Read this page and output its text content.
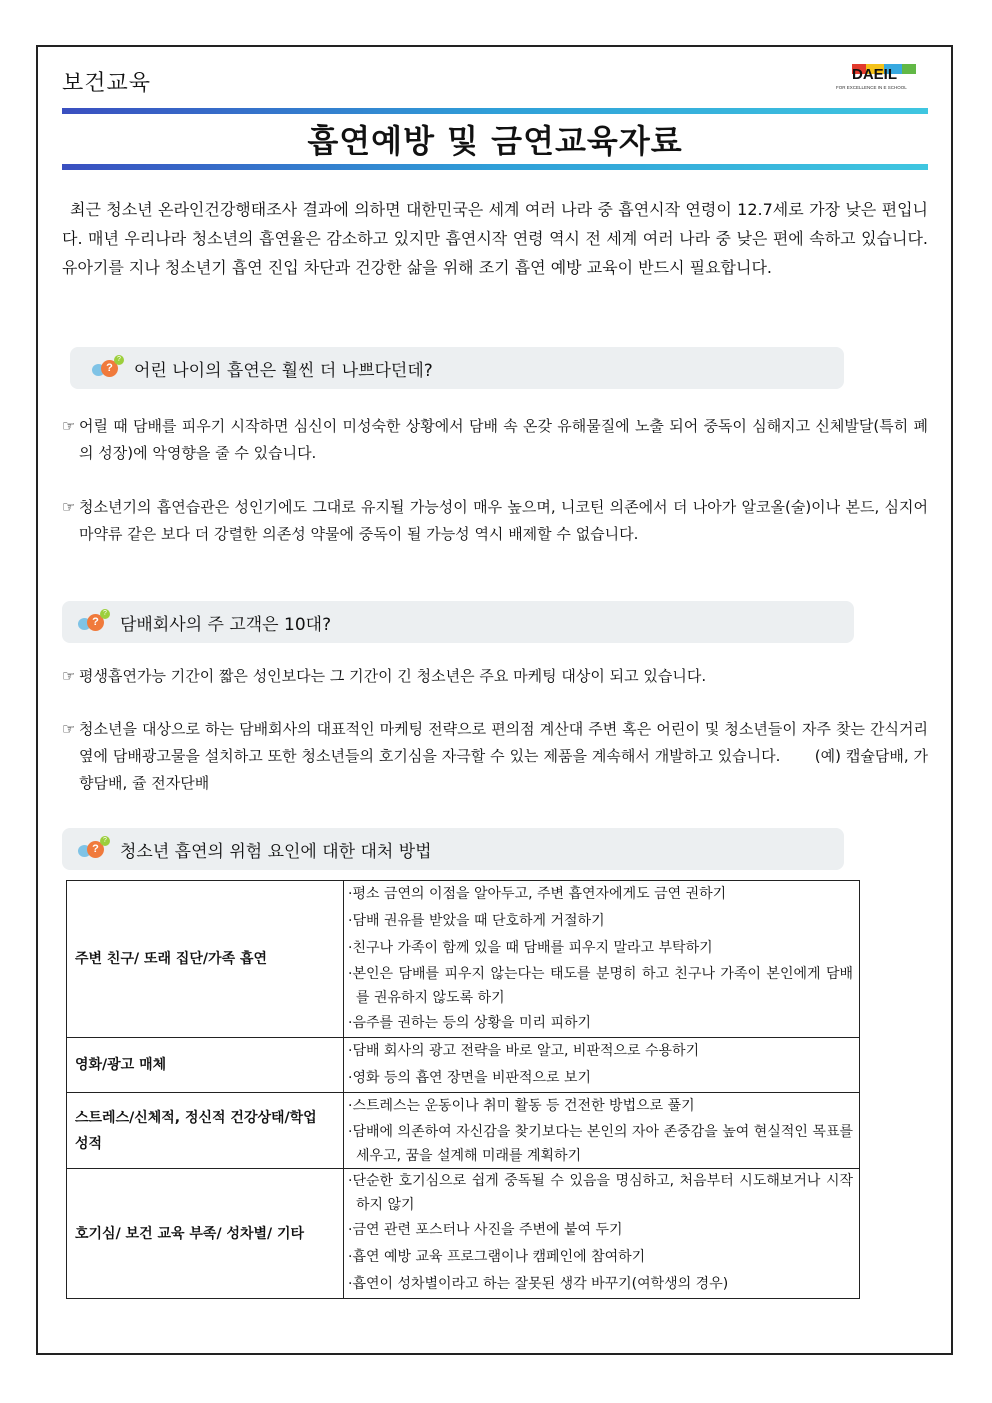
보건교육	DAEIL
FOR EXCELLENCE IN E SCHOOL
흡연예방 및 금연교육자료
최근 청소년 온라인건강행태조사 결과에 의하면 대한민국은 세계 여러 나라 중 흡연시작 연령이 12.7세로 가장 낮은 편입니다. 매년 우리나라 청소년의 흡연율은 감소하고 있지만 흡연시작 연령 역시 전 세계 여러 나라 중 낮은 편에 속하고 있습니다. 유아기를 지나 청소년기 흡연 진입 차단과 건강한 삶을 위해 조기 흡연 예방 교육이 반드시 필요합니다.
?
?
어린 나이의 흡연은 훨씬 더 나쁘다던데?
☞ 어릴 때 담배를 피우기 시작하면 심신이 미성숙한 상황에서 담배 속 온갖 유해물질에 노출 되어 중독이 심해지고 신체발달(특히 폐의 성장)에 악영향을 줄 수 있습니다.
☞ 청소년기의 흡연습관은 성인기에도 그대로 유지될 가능성이 매우 높으며, 니코틴 의존에서 더 나아가 알코올(술)이나 본드, 심지어 마약류 같은 보다 더 강렬한 의존성 약물에 중독이 될 가능성 역시 배제할 수 없습니다.
?
?
담배회사의 주 고객은 10대?
☞ 평생흡연가능 기간이 짧은 성인보다는 그 기간이 긴 청소년은 주요 마케팅 대상이 되고 있습니다.
☞ 청소년을 대상으로 하는 담배회사의 대표적인 마케팅 전략으로 편의점 계산대 주변 혹은 어린이 및 청소년들이 자주 찾는 간식거리 옆에 담배광고물을 설치하고 또한 청소년들의 호기심을 자극할 수 있는 제품을 계속해서 개발하고 있습니다.       (예) 캡슐담배, 가향담배, 쥴 전자단배
?
?
청소년 흡연의 위험 요인에 대한 대처 방법
주변 친구/ 또래 집단/가족 흡연	·평소 금연의 이점을 알아두고, 주변 흡연자에게도 금연 권하기
·담배 권유를 받았을 때 단호하게 거절하기
·친구나 가족이 함께 있을 때 담배를 피우지 말라고 부탁하기
·본인은 담배를 피우지 않는다는 태도를 분명히 하고 친구나 가족이 본인에게 담배를 권유하지 않도록 하기
·음주를 권하는 등의 상황을 미리 피하기

영화/광고 매체	·담배 회사의 광고 전략을 바로 알고, 비판적으로 수용하기
·영화 등의 흡연 장면을 비판적으로 보기

스트레스/신체적, 정신적 건강상태/학업 성적	·스트레스는 운동이나 취미 활동 등 건전한 방법으로 풀기
·담배에 의존하여 자신감을 찾기보다는 본인의 자아 존중감을 높여 현실적인 목표를 세우고, 꿈을 설계해 미래를 계획하기

호기심/ 보건 교육 부족/ 성차별/ 기타	·단순한 호기심으로 쉽게 중독될 수 있음을 명심하고, 처음부터 시도해보거나 시작하지 않기
·금연 관련 포스터나 사진을 주변에 붙여 두기
·흡연 예방 교육 프로그램이나 캠페인에 참여하기
·흡연이 성차별이라고 하는 잘못된 생각 바꾸기(여학생의 경우)
